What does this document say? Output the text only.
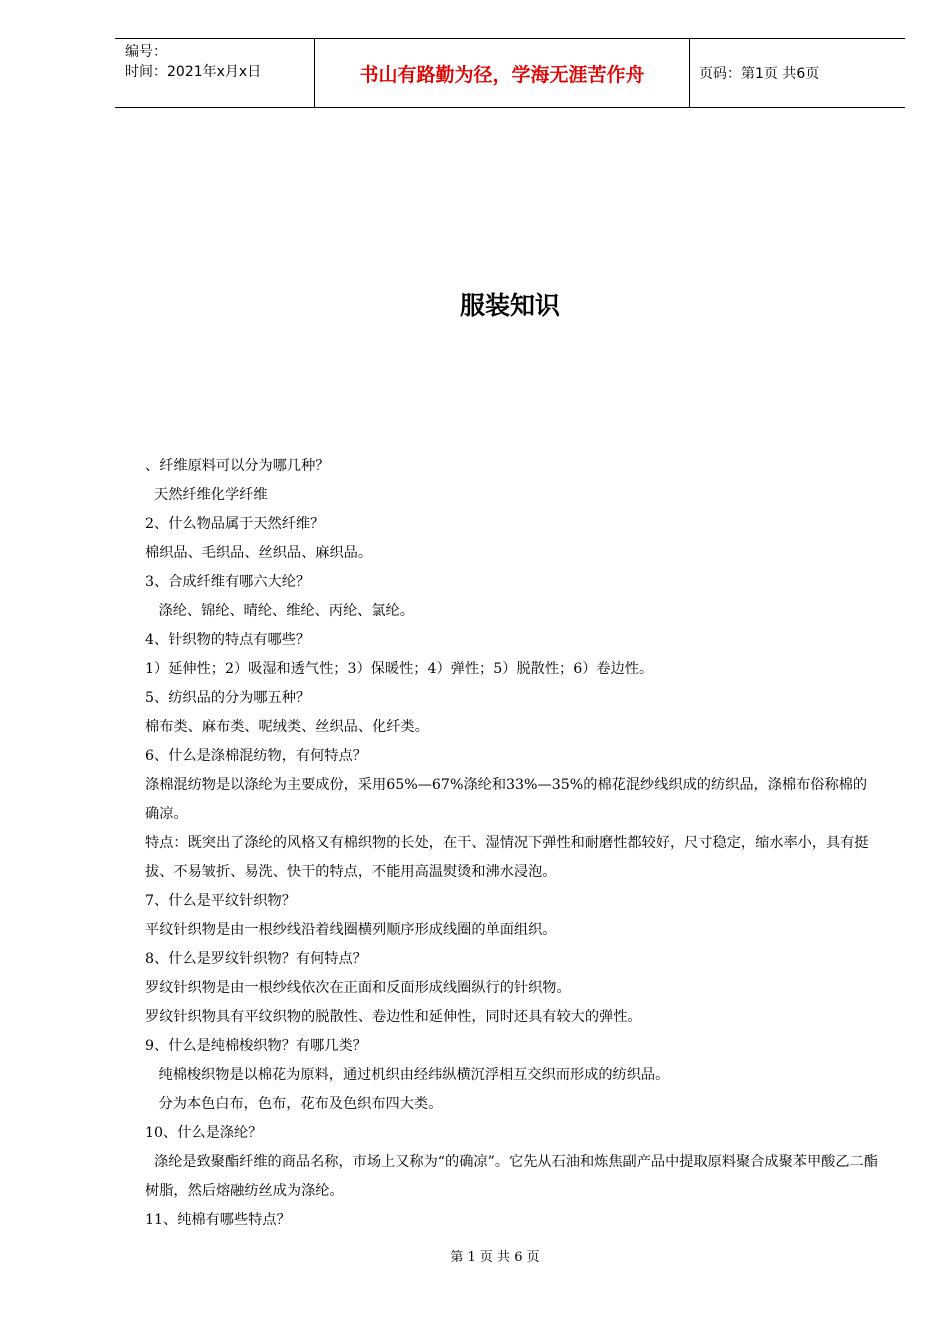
编号：
时间：2021年x月x日	书山有路勤为径，学海无涯苦作舟	页码：第1页 共6页
服装知识

、纤维原料可以分为哪几种？

天然纤维化学纤维

2、什么物品属于天然纤维？

棉织品、毛织品、丝织品、麻织品。

3、合成纤维有哪六大纶？

涤纶、锦纶、晴纶、维纶、丙纶、氯纶。

4、针织物的特点有哪些？

1）延伸性；2）吸湿和透气性；3）保暖性；4）弹性；5）脱散性；6）卷边性。

5、纺织品的分为哪五种？

棉布类、麻布类、呢绒类、丝织品、化纤类。

6、什么是涤棉混纺物，有何特点？

涤棉混纺物是以涤纶为主要成份，采用65%—67%涤纶和33%—35%的棉花混纱线织成的纺织品，涤棉布俗称棉的确凉。

特点：既突出了涤纶的风格又有棉织物的长处，在干、湿情况下弹性和耐磨性都较好，尺寸稳定，缩水率小，具有挺拔、不易皱折、易洗、快干的特点，不能用高温熨烫和沸水浸泡。

7、什么是平纹针织物？

平纹针织物是由一根纱线沿着线圈横列顺序形成线圈的单面组织。

8、什么是罗纹针织物？有何特点？

罗纹针织物是由一根纱线依次在正面和反面形成线圈纵行的针织物。

罗纹针织物具有平纹织物的脱散性、卷边性和延伸性，同时还具有较大的弹性。

9、什么是纯棉梭织物？有哪几类？

纯棉梭织物是以棉花为原料，通过机织由经纬纵横沉浮相互交织而形成的纺织品。

分为本色白布，色布，花布及色织布四大类。

10、什么是涤纶？

涤纶是致聚酯纤维的商品名称，市场上又称为“的确凉”。它先从石油和炼焦副产品中提取原料聚合成聚苯甲酸乙二酯树脂，然后熔融纺丝成为涤纶。

11、纯棉有哪些特点？

第 1 页 共 6 页
